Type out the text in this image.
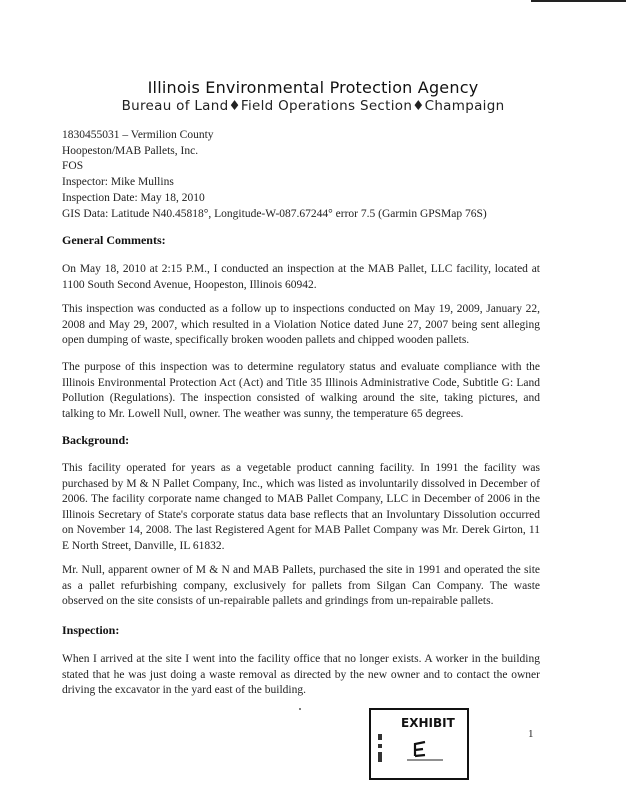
Illinois Environmental Protection Agency
Bureau of Land♦Field Operations Section♦Champaign
1830455031 – Vermilion County
Hoopeston/MAB Pallets, Inc.
FOS
Inspector: Mike Mullins
Inspection Date: May 18, 2010
GIS Data: Latitude N40.45818°, Longitude-W-087.67244° error 7.5 (Garmin GPSMap 76S)

General Comments:

On May 18, 2010 at 2:15 P.M., I conducted an inspection at the MAB Pallet, LLC facility, located at 1100 South Second Avenue, Hoopeston, Illinois 60942.

This inspection was conducted as a follow up to inspections conducted on May 19, 2009, January 22, 2008 and May 29, 2007, which resulted in a Violation Notice dated June 27, 2007 being sent alleging open dumping of waste, specifically broken wooden pallets and chipped wooden pallets.

The purpose of this inspection was to determine regulatory status and evaluate compliance with the Illinois Environmental Protection Act (Act) and Title 35 Illinois Administrative Code, Subtitle G: Land Pollution (Regulations). The inspection consisted of walking around the site, taking pictures, and talking to Mr. Lowell Null, owner. The weather was sunny, the temperature 65 degrees.

Background:

This facility operated for years as a vegetable product canning facility. In 1991 the facility was purchased by M & N Pallet Company, Inc., which was listed as involuntarily dissolved in December of 2006. The facility corporate name changed to MAB Pallet Company, LLC in December of 2006 in the Illinois Secretary of State's corporate status data base reflects that an Involuntary Dissolution occurred on November 14, 2008. The last Registered Agent for MAB Pallet Company was Mr. Derek Girton, 11 E North Street, Danville, IL 61832.

Mr. Null, apparent owner of M & N and MAB Pallets, purchased the site in 1991 and operated the site as a pallet refurbishing company, exclusively for pallets from Silgan Can Company. The waste observed on the site consists of un-repairable pallets and grindings from un-repairable pallets.

Inspection:

When I arrived at the site I went into the facility office that no longer exists. A worker in the building stated that he was just doing a waste removal as directed by the new owner and to contact the owner driving the excavator in the yard east of the building.

EXHIBIT
1
